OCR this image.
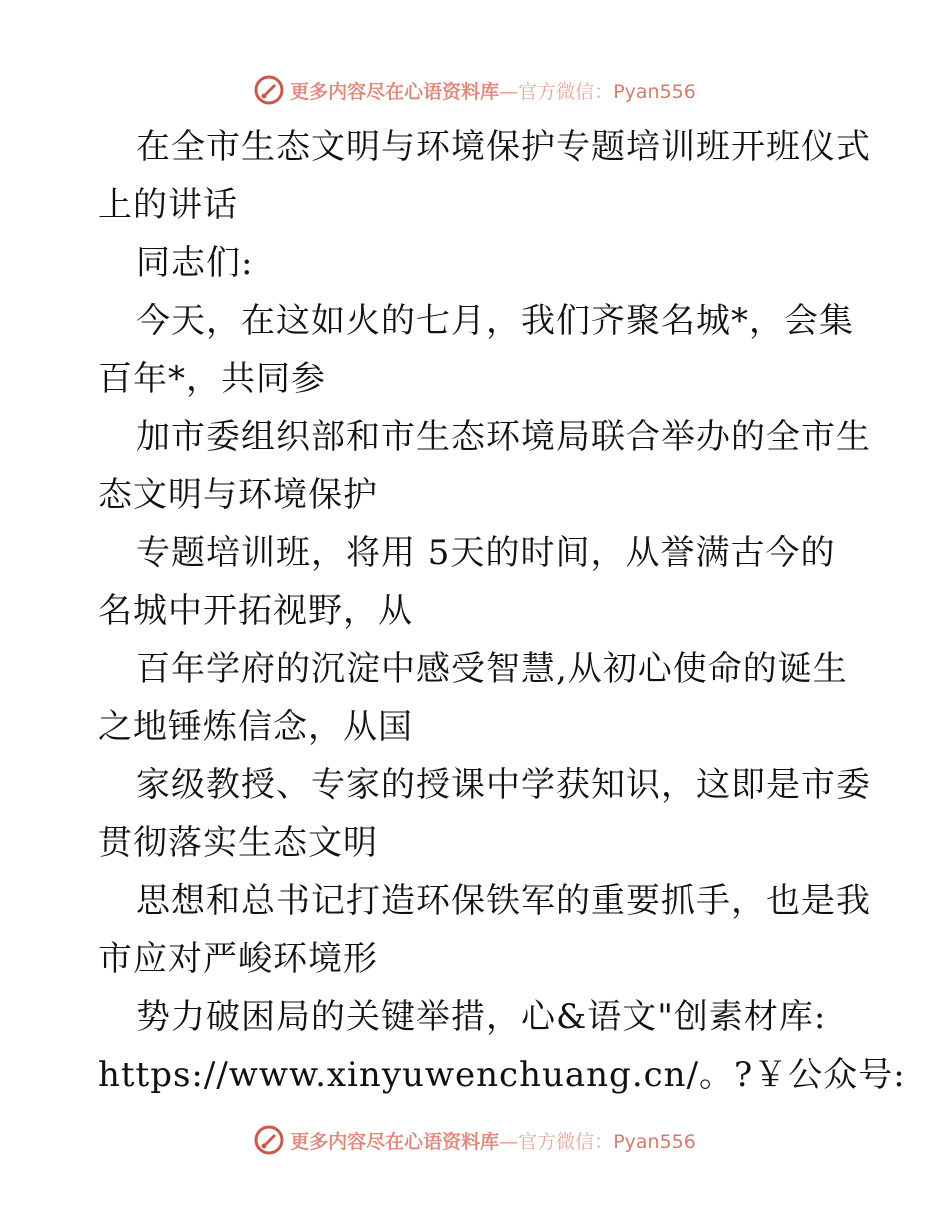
更多内容尽在心语资料库—官方微信：Pyan556
在全市生态文明与环境保护专题培训班开班仪式
上的讲话
同志们:
今天，在这如火的七月，我们齐聚名城*，会集
百年*，共同参
加市委组织部和市生态环境局联合举办的全市生
态文明与环境保护
专题培训班，将用 5天的时间，从誉满古今的
名城中开拓视野，从
百年学府的沉淀中感受智慧,从初心使命的诞生
之地锤炼信念，从国
家级教授、专家的授课中学获知识，这即是市委
贯彻落实生态文明
思想和总书记打造环保铁军的重要抓手，也是我
市应对严峻环境形
势力破困局的关键举措，心&语文"创素材库:
https://www.xinyuwenchuang.cn/。?￥公众号:
更多内容尽在心语资料库—官方微信：Pyan556
